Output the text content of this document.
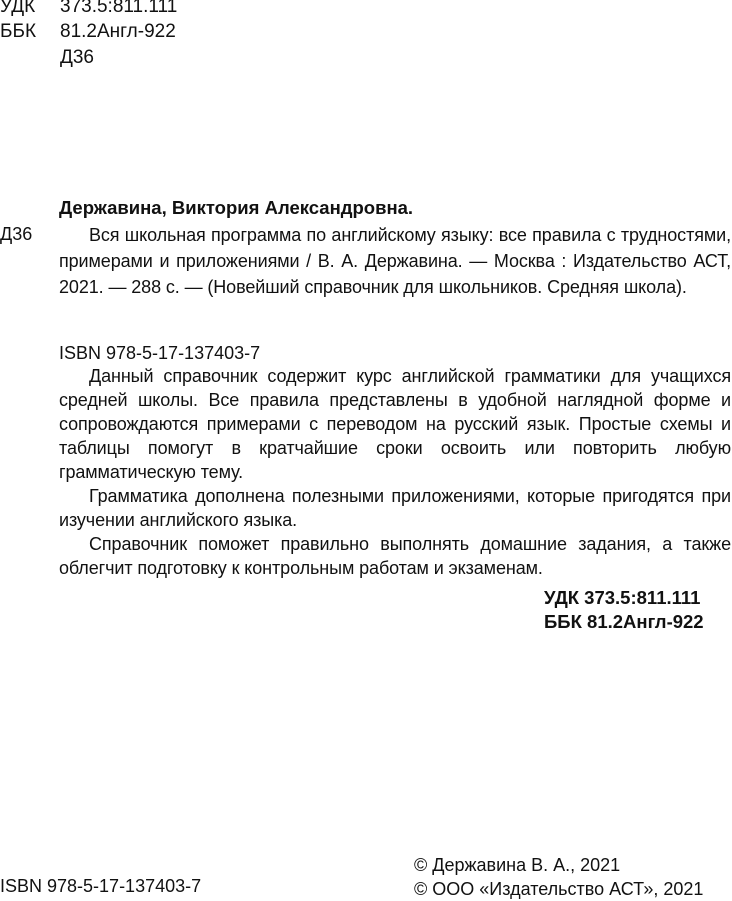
УДК 373.5:811.111
ББК 81.2Англ-922
Д36
Державина, Виктория Александровна.
Д36	Вся школьная программа по английскому языку: все правила с трудностями, примерами и приложениями / В. А. Державина. — Москва : Издательство АСТ, 2021. — 288 с. — (Новейший справочник для школьников. Средняя школа).
ISBN 978-5-17-137403-7

Данный справочник содержит курс английской грамматики для учащихся средней школы. Все правила представлены в удобной наглядной форме и сопровождаются примерами с переводом на русский язык. Простые схемы и таблицы помогут в кратчайшие сроки освоить или повторить любую грамматическую тему.

Грамматика дополнена полезными приложениями, которые пригодятся при изучении английского языка.

Справочник поможет правильно выполнять домашние задания, а также облегчит подготовку к контрольным работам и экзаменам.

УДК 373.5:811.111
ББК 81.2Англ-922
ISBN 978-5-17-137403-7
© Державина В. А., 2021
© ООО «Издательство АСТ», 2021
